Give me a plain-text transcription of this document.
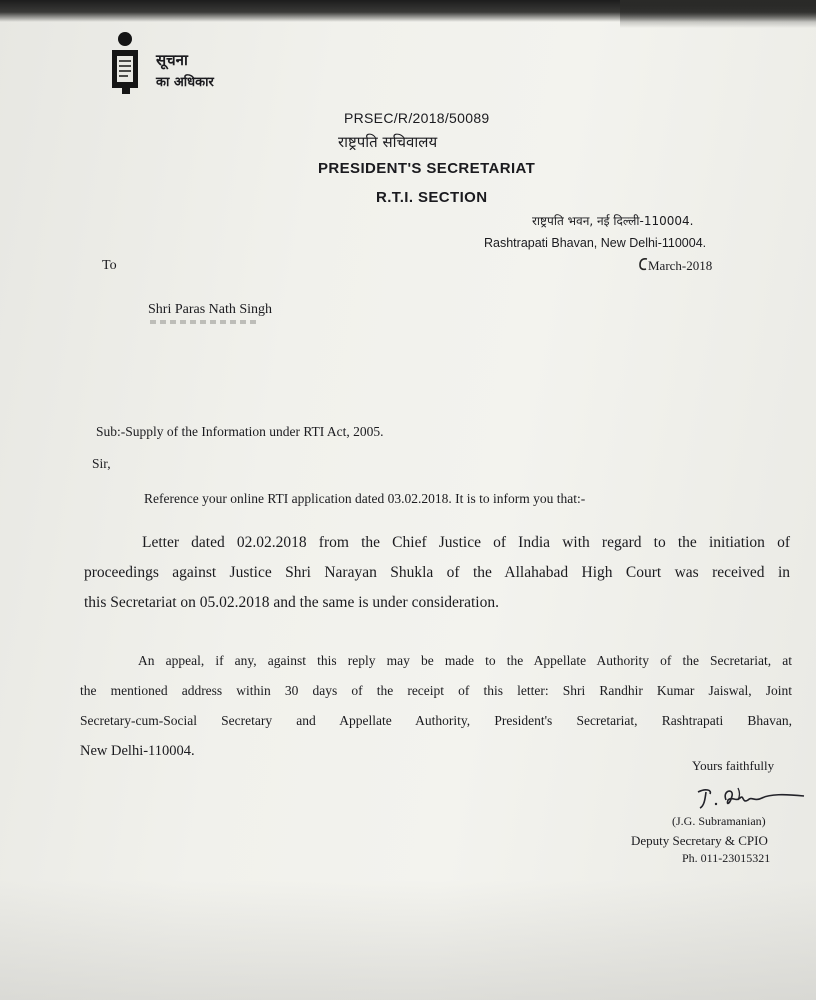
सूचना
का अधिकार
PRSEC/R/2018/50089
राष्ट्रपति सचिवालय
PRESIDENT'S SECRETARIAT
R.T.I. SECTION
राष्ट्रपति भवन, नई दिल्ली-110004.
Rashtrapati Bhavan, New Delhi-110004.
March-2018
To
Shri Paras Nath Singh
Sub:-Supply of the Information under RTI Act, 2005.
Sir,
Reference your online RTI application dated 03.02.2018. It is to inform you that:-
Letter dated 02.02.2018 from the Chief Justice of India with regard to the initiation of
proceedings against Justice Shri Narayan Shukla of the Allahabad High Court was received in
this Secretariat on 05.02.2018 and the same is under consideration.
An appeal, if any, against this reply may be made to the Appellate Authority of the Secretariat, at
the mentioned address within 30 days of the receipt of this letter: Shri Randhir Kumar Jaiswal, Joint
Secretary-cum-Social Secretary and Appellate Authority, President's Secretariat, Rashtrapati Bhavan,
New Delhi-110004.
Yours faithfully
(J.G. Subramanian)
Deputy Secretary & CPIO
Ph. 011-23015321
